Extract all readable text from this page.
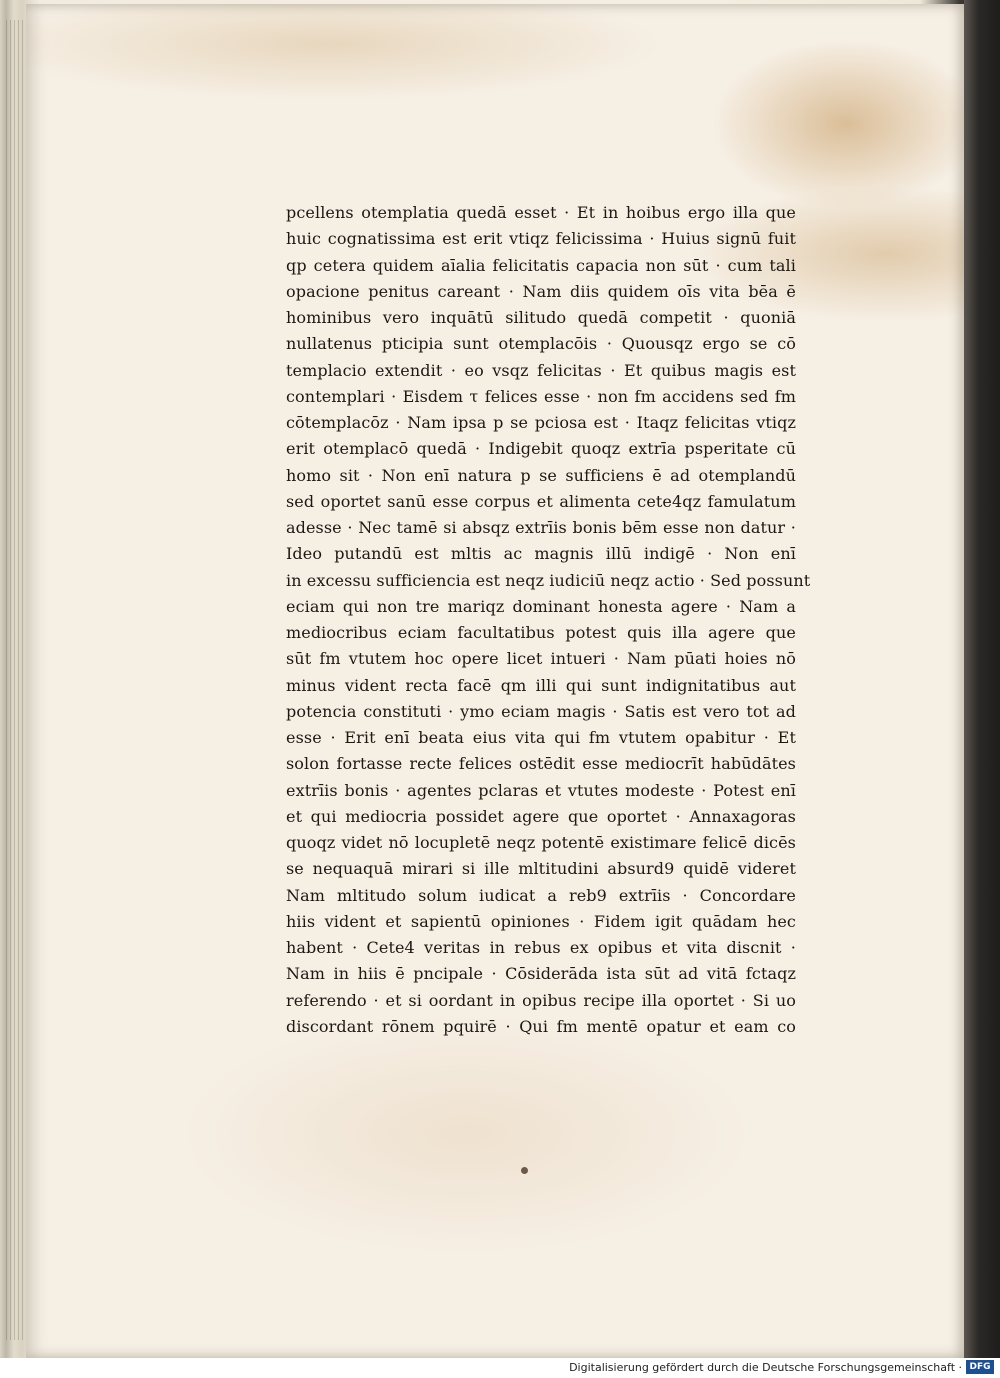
pcellens otemplatia quedā esset · Et in hoibus ergo illa que
huic cognatissima est erit vtiqz felicissima · Huius signū fuit
qp cetera quidem aīalia felicitatis capacia non sūt · cum tali
opacione penitus careant · Nam diis quidem oīs vita bēa ē
hominibus vero inquātū silitudo quedā competit · quoniā
nullatenus pticipia sunt otemplacōis · Quousqz ergo se cō
templacio extendit · eo vsqz felicitas · Et quibus magis est
contemplari · Eisdem τ felices esse · non fm accidens sed fm
cōtemplacōz · Nam ipsa p se pciosa est · Itaqz felicitas vtiqz
erit otemplacō quedā · Indigebit quoqz extrīa psperitate cū
homo sit · Non enī natura p se sufficiens ē ad otemplandū
sed oportet sanū esse corpus et alimenta cete4qz famulatum
adesse · Nec tamē si absqz extrīis bonis bēm esse non datur ·
Ideo putandū est mltis ac magnis illū indigē · Non enī
in excessu sufficiencia est neqz iudiciū neqz actio · Sed possunt
eciam qui non tre mariqz dominant honesta agere · Nam a
mediocribus eciam facultatibus potest quis illa agere que
sūt fm vtutem hoc opere licet intueri · Nam pūati hoies nō
minus vident recta facē qm illi qui sunt indignitatibus aut
potencia constituti · ymo eciam magis · Satis est vero tot ad
esse · Erit enī beata eius vita qui fm vtutem opabitur · Et
solon fortasse recte felices ostēdit esse mediocrīt habūdātes
extrīis bonis · agentes pclaras et vtutes modeste · Potest enī
et qui mediocria possidet agere que oportet · Annaxagoras
quoqz videt nō locupletē neqz potentē existimare felicē dicēs
se nequaquā mirari si ille mltitudini absurd9 quidē videret
Nam mltitudo solum iudicat a reb9 extrīis · Concordare
hiis vident et sapientū opiniones · Fidem igit quādam hec
habent · Cete4 veritas in rebus ex opibus et vita discnit ·
Nam in hiis ē pncipale · Cōsiderāda ista sūt ad vitā fctaqz
referendo · et si oordant in opibus recipe illa oportet · Si uo
discordant rōnem pquirē · Qui fm mentē opatur et eam co
Digitalisierung gefördert durch die Deutsche Forschungsgemeinschaft · DFG
